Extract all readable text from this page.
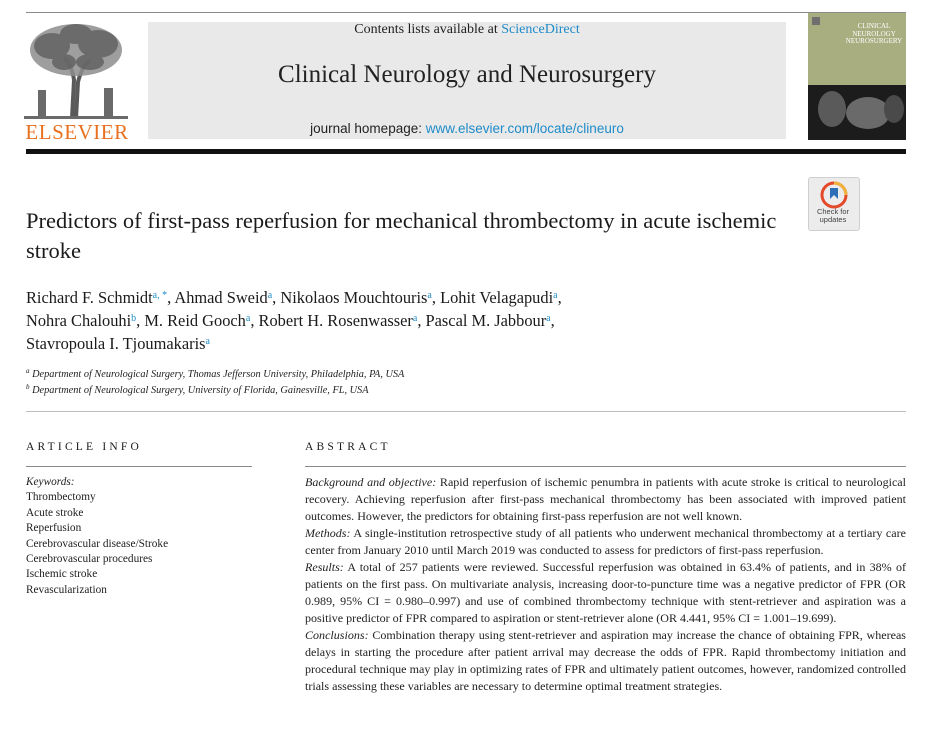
ELSEVIER
Contents lists available at ScienceDirect
Clinical Neurology and Neurosurgery
journal homepage: www.elsevier.com/locate/clineuro
CLINICAL
NEUROLOGY
NEUROSURGERY
Check for
updates
Predictors of first-pass reperfusion for mechanical thrombectomy in acute ischemic stroke
Richard F. Schmidt$^{a, *}$, Ahmad Sweid$^a$, Nikolaos Mouchtouris$^a$, Lohit Velagapudi$^a$,
Nohra Chalouhi$^b$, M. Reid Gooch$^a$, Robert H. Rosenwasser$^a$, Pascal M. Jabbour$^a$,
Stavropoula I. Tjoumakaris$^a$
$^a$ Department of Neurological Surgery, Thomas Jefferson University, Philadelphia, PA, USA
$^b$ Department of Neurological Surgery, University of Florida, Gainesville, FL, USA
ARTICLE INFO
Keywords:
Thrombectomy
Acute stroke
Reperfusion
Cerebrovascular disease/Stroke
Cerebrovascular procedures
Ischemic stroke
Revascularization
ABSTRACT

Background and objective: Rapid reperfusion of ischemic penumbra in patients with acute stroke is critical to neurological recovery. Achieving reperfusion after first-pass mechanical thrombectomy has been associated with improved patient outcomes. However, the predictors for obtaining first-pass reperfusion are not well known.

Methods: A single-institution retrospective study of all patients who underwent mechanical thrombectomy at a tertiary care center from January 2010 until March 2019 was conducted to assess for predictors of first-pass reperfusion.

Results: A total of 257 patients were reviewed. Successful reperfusion was obtained in 63.4% of patients, and in 38% of patients on the first pass. On multivariate analysis, increasing door-to-puncture time was a negative predictor of FPR (OR 0.989, 95% CI = 0.980–0.997) and use of combined thrombectomy technique with stent-retriever and aspiration was a positive predictor of FPR compared to aspiration or stent-retriever alone (OR 4.441, 95% CI = 1.001–19.699).

Conclusions: Combination therapy using stent-retriever and aspiration may increase the chance of obtaining FPR, whereas delays in starting the procedure after patient arrival may decrease the odds of FPR. Rapid thrombectomy initiation and procedural technique may play in optimizing rates of FPR and ultimately patient outcomes, however, randomized controlled trials assessing these variables are necessary to determine optimal treatment strategies.
